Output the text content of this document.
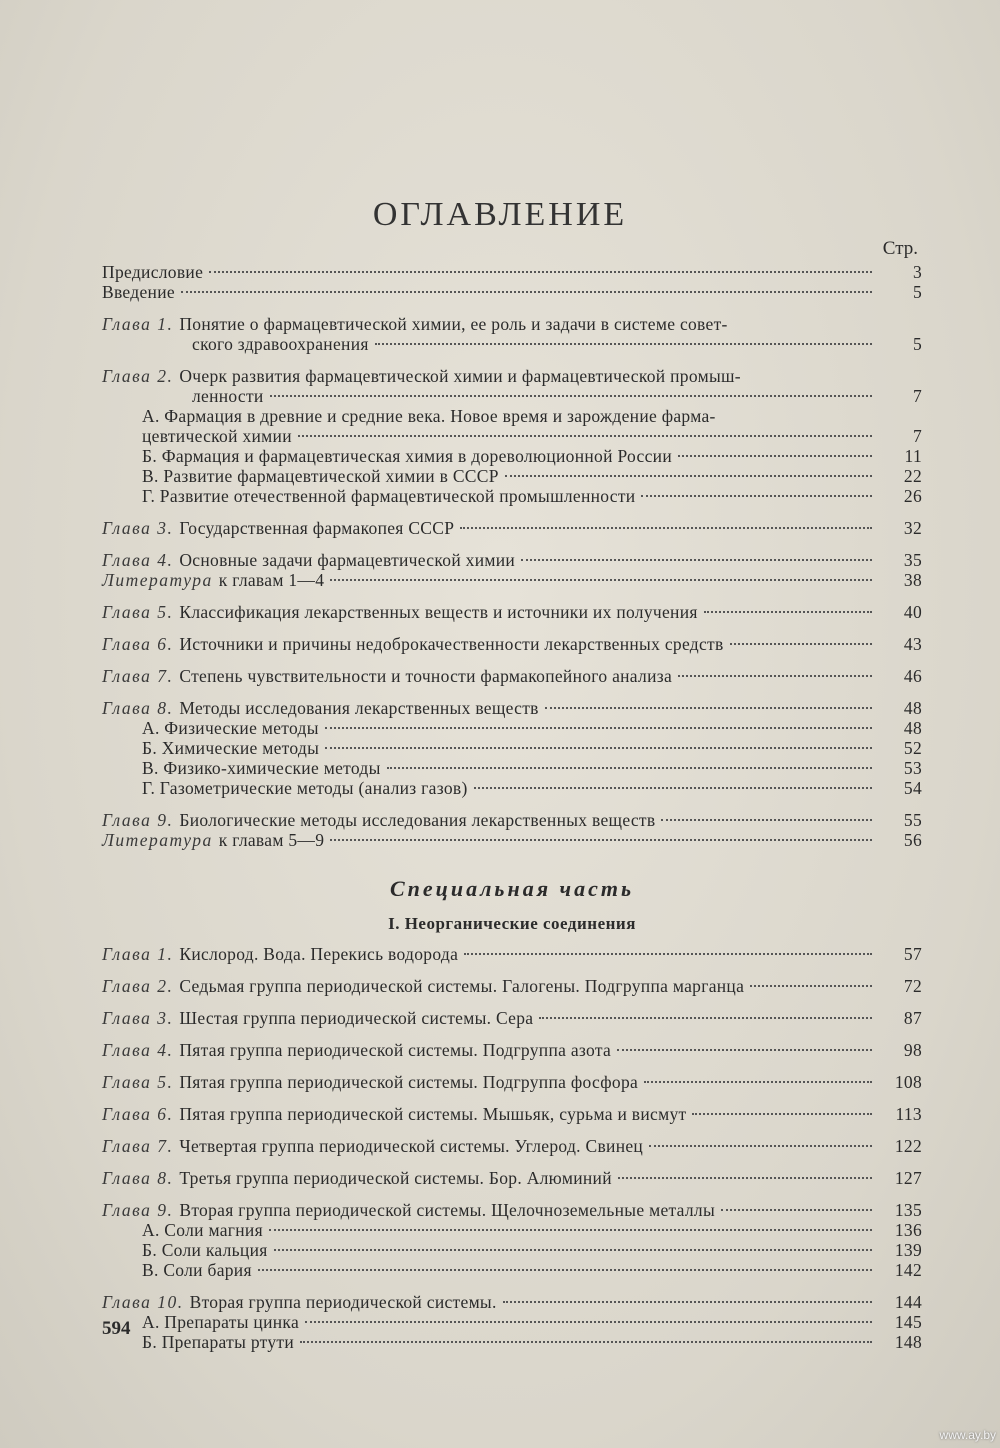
ОГЛАВЛЕНИЕ
Стр.
Предисловие	3
Введение	5
Глава 1. Понятие о фармацевтической химии, ее роль и задачи в системе совет-
ского здравоохранения	5
Глава 2. Очерк развития фармацевтической химии и фармацевтической промыш-
ленности	7
А. Фармация в древние и средние века. Новое время и зарождение фарма-
цевтической химии	7
Б. Фармация и фармацевтическая химия в дореволюционной России	11
В. Развитие фармацевтической химии в СССР	22
Г. Развитие отечественной фармацевтической промышленности	26
Глава 3. Государственная фармакопея СССР	32
Глава 4. Основные задачи фармацевтической химии	35
Литература к главам 1—4	38
Глава 5. Классификация лекарственных веществ и источники их получения	40
Глава 6. Источники и причины недоброкачественности лекарственных средств	43
Глава 7. Степень чувствительности и точности фармакопейного анализа	46
Глава 8. Методы исследования лекарственных веществ	48
А. Физические методы	48
Б. Химические методы	52
В. Физико-химические методы	53
Г. Газометрические методы (анализ газов)	54
Глава 9. Биологические методы исследования лекарственных веществ	55
Литература к главам 5—9	56
Специальная часть
I. Неорганические соединения
Глава 1. Кислород. Вода. Перекись водорода	57
Глава 2. Седьмая группа периодической системы. Галогены. Подгруппа марганца	72
Глава 3. Шестая группа периодической системы. Сера	87
Глава 4. Пятая группа периодической системы. Подгруппа азота	98
Глава 5. Пятая группа периодической системы. Подгруппа фосфора	108
Глава 6. Пятая группа периодической системы. Мышьяк, сурьма и висмут	113
Глава 7. Четвертая группа периодической системы. Углерод. Свинец	122
Глава 8. Третья группа периодической системы. Бор. Алюминий	127
Глава 9. Вторая группа периодической системы. Щелочноземельные металлы	135
А. Соли магния	136
Б. Соли кальция	139
В. Соли бария	142
Глава 10. Вторая группа периодической системы.	144
А. Препараты цинка	145
Б. Препараты ртути	148
594
www.ay.by
